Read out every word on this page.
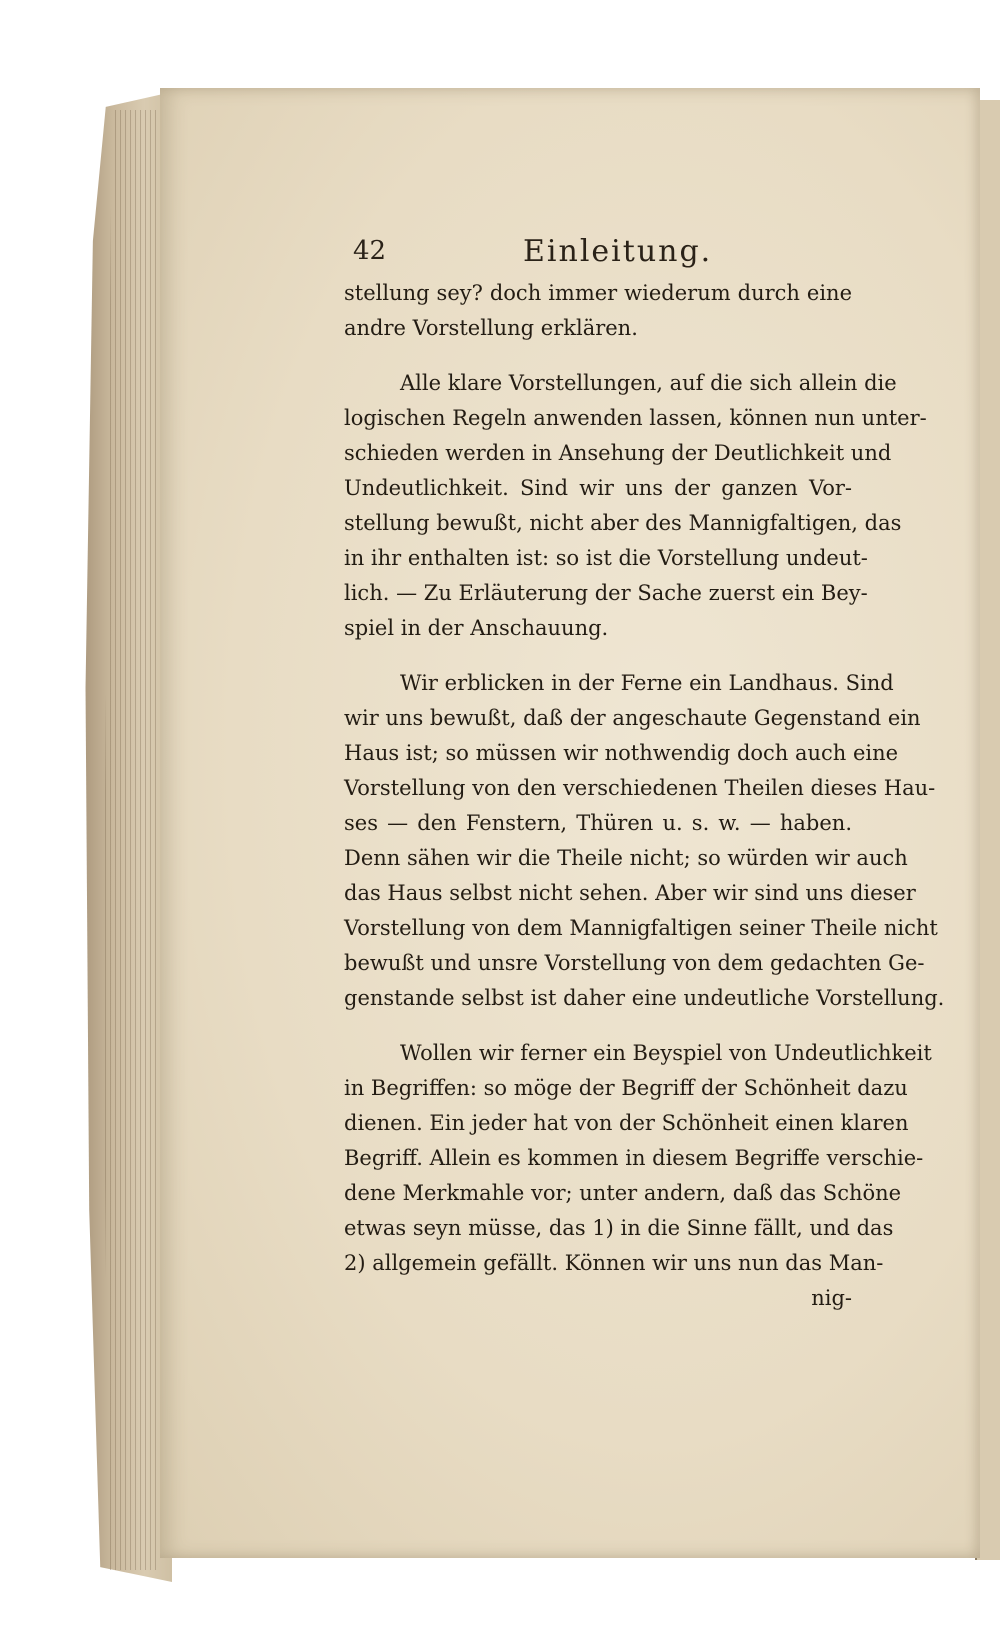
42	Einleitung.
stellung sey? doch immer wiederum durch eine
andre Vorstellung erklären.
Alle klare Vorstellungen, auf die sich allein die
logischen Regeln anwenden lassen, können nun unter-
schieden werden in Ansehung der Deutlichkeit und
Undeutlichkeit. Sind wir uns der ganzen Vor-
stellung bewußt, nicht aber des Mannigfaltigen, das
in ihr enthalten ist: so ist die Vorstellung undeut-
lich. — Zu Erläuterung der Sache zuerst ein Bey-
spiel in der Anschauung.
Wir erblicken in der Ferne ein Landhaus. Sind
wir uns bewußt, daß der angeschaute Gegenstand ein
Haus ist; so müssen wir nothwendig doch auch eine
Vorstellung von den verschiedenen Theilen dieses Hau-
ses — den Fenstern, Thüren u. s. w. — haben.
Denn sähen wir die Theile nicht; so würden wir auch
das Haus selbst nicht sehen. Aber wir sind uns dieser
Vorstellung von dem Mannigfaltigen seiner Theile nicht
bewußt und unsre Vorstellung von dem gedachten Ge-
genstande selbst ist daher eine undeutliche Vorstellung.
Wollen wir ferner ein Beyspiel von Undeutlichkeit
in Begriffen: so möge der Begriff der Schönheit dazu
dienen. Ein jeder hat von der Schönheit einen klaren
Begriff. Allein es kommen in diesem Begriffe verschie-
dene Merkmahle vor; unter andern, daß das Schöne
etwas seyn müsse, das 1) in die Sinne fällt, und das
2) allgemein gefällt. Können wir uns nun das Man-
nig-
